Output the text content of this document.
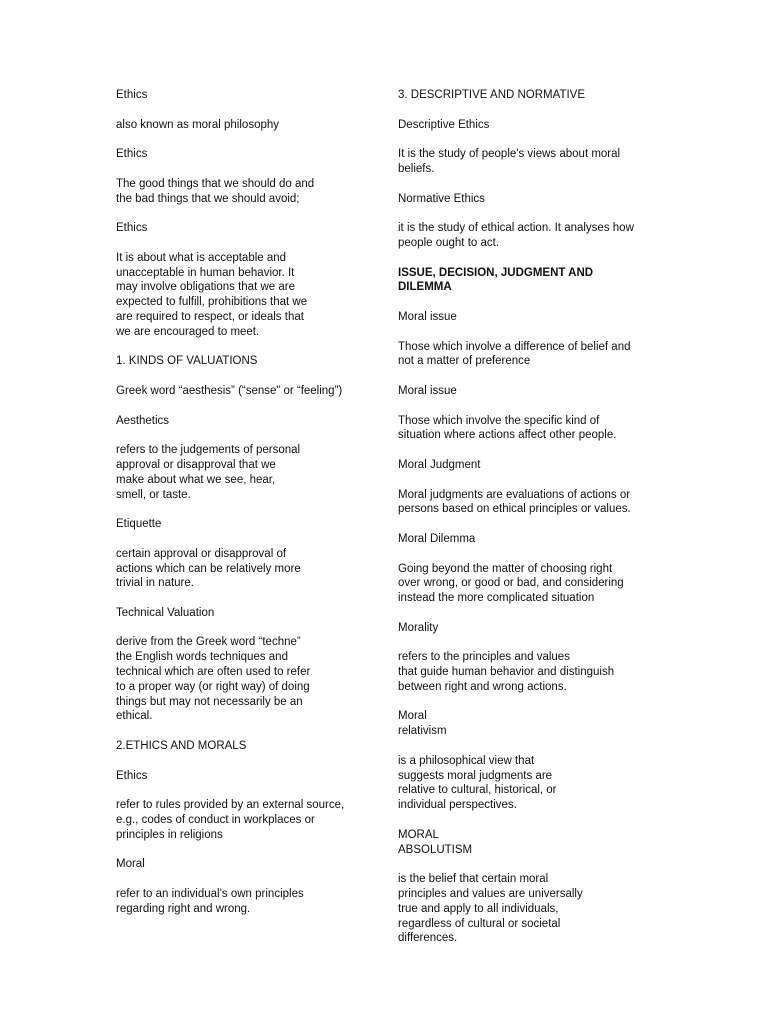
Ethics

also known as moral philosophy

Ethics

The good things that we should do and
the bad things that we should avoid;

Ethics

It is about what is acceptable and
unacceptable in human behavior. It
may involve obligations that we are
expected to fulfill, prohibitions that we
are required to respect, or ideals that
we are encouraged to meet.

1. KINDS OF VALUATIONS

Greek word “aesthesis” (“sense” or “feeling”)

Aesthetics

refers to the judgements of personal
approval or disapproval that we
make about what we see, hear,
smell, or taste.

Etiquette

certain approval or disapproval of
actions which can be relatively more
trivial in nature.

Technical Valuation

derive from the Greek word “techne”
the English words techniques and
technical which are often used to refer
to a proper way (or right way) of doing
things but may not necessarily be an
ethical.

2.ETHICS AND MORALS

Ethics

refer to rules provided by an external source,
e.g., codes of conduct in workplaces or
principles in religions

Moral

refer to an individual’s own principles
regarding right and wrong.

3. DESCRIPTIVE AND NORMATIVE

Descriptive Ethics

It is the study of people's views about moral
beliefs.

Normative Ethics

it is the study of ethical action. It analyses how
people ought to act.

ISSUE, DECISION, JUDGMENT AND DILEMMA

Moral issue

Those which involve a difference of belief and
not a matter of preference

Moral issue

Those which involve the specific kind of
situation where actions affect other people.

Moral Judgment

Moral judgments are evaluations of actions or
persons based on ethical principles or values.

Moral Dilemma

Going beyond the matter of choosing right
over wrong, or good or bad, and considering
instead the more complicated situation

Morality

refers to the principles and values
that guide human behavior and distinguish
between right and wrong actions.

Moral
relativism

is a philosophical view that
suggests moral judgments are
relative to cultural, historical, or
individual perspectives.

MORAL
ABSOLUTISM

is the belief that certain moral
principles and values are universally
true and apply to all individuals,
regardless of cultural or societal
differences.
